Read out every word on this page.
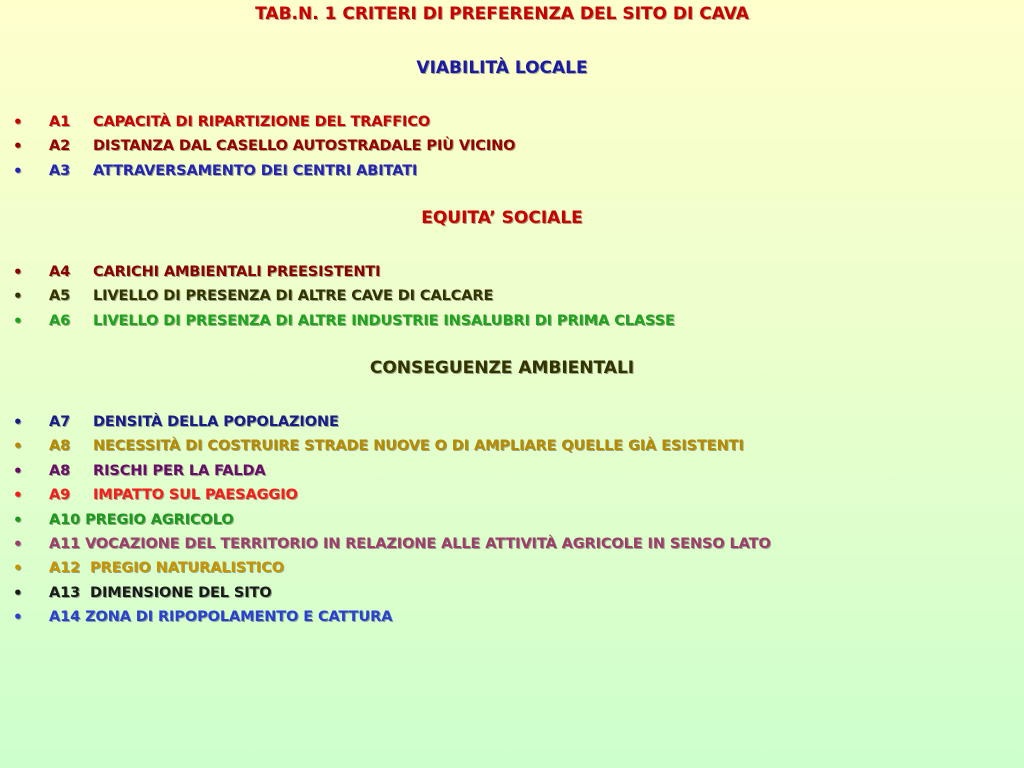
TAB.N. 1 CRITERI DI PREFERENZA DEL SITO DI CAVA
VIABILITÀ LOCALE
• A1 CAPACITÀ DI RIPARTIZIONE DEL TRAFFICO
• A2 DISTANZA DAL CASELLO AUTOSTRADALE PIÙ VICINO
• A3 ATTRAVERSAMENTO DEI CENTRI ABITATI
EQUITA’ SOCIALE
• A4 CARICHI AMBIENTALI PREESISTENTI
• A5 LIVELLO DI PRESENZA DI ALTRE CAVE DI CALCARE
• A6 LIVELLO DI PRESENZA DI ALTRE INDUSTRIE INSALUBRI DI PRIMA CLASSE
CONSEGUENZE AMBIENTALI
• A7 DENSITÀ DELLA POPOLAZIONE
• A8 NECESSITÀ DI COSTRUIRE STRADE NUOVE O DI AMPLIARE QUELLE GIÀ ESISTENTI
• A8 RISCHI PER LA FALDA
• A9 IMPATTO SUL PAESAGGIO
• A10 PREGIO AGRICOLO
• A11 VOCAZIONE DEL TERRITORIO IN RELAZIONE ALLE ATTIVITÀ AGRICOLE IN SENSO LATO
• A12 PREGIO NATURALISTICO
• A13 DIMENSIONE DEL SITO
• A14 ZONA DI RIPOPOLAMENTO E CATTURA
